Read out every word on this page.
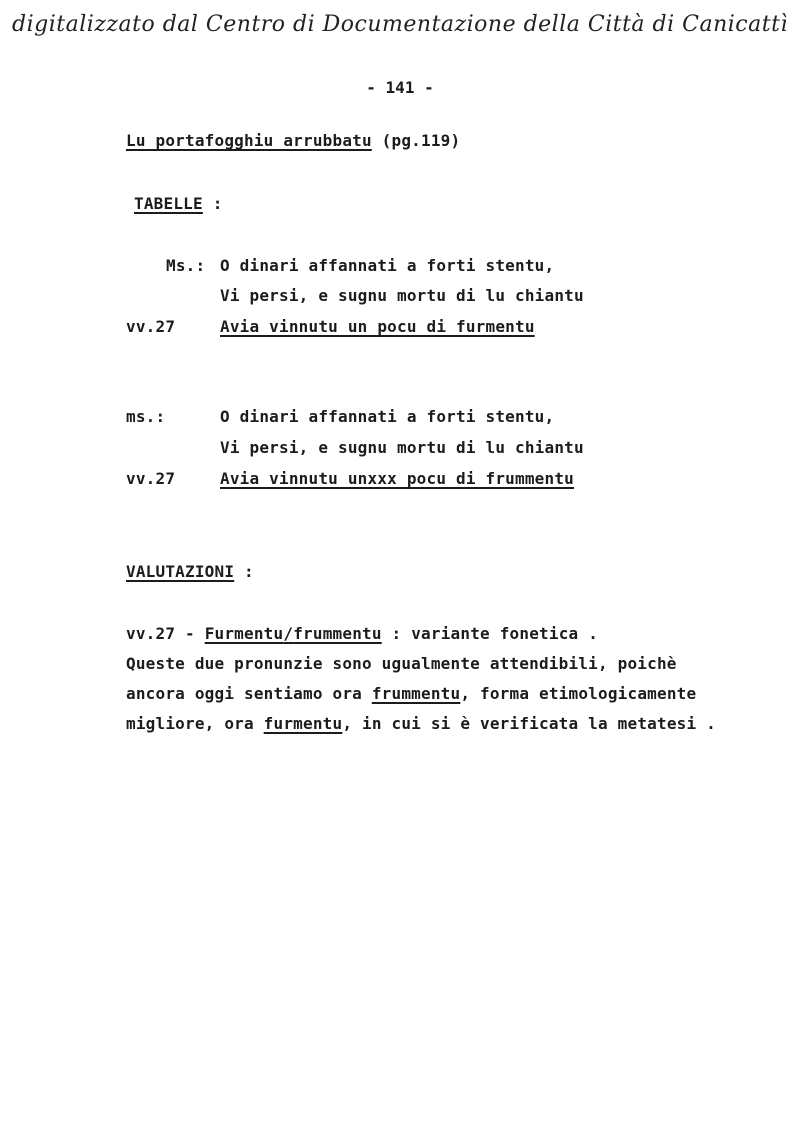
digitalizzato dal Centro di Documentazione della Città di Canicattì
- 141 -
Lu portafogghiu arrubbatu (pg.119)
TABELLE :
Ms.: O dinari affannati a forti stentu,
Vi persi, e sugnu mortu di lu chiantu
vv.27	Avia vinnutu un pocu di furmentu
ms.:	O dinari affannati a forti stentu,
Vi persi, e sugnu mortu di lu chiantu
vv.27	Avia vinnutu unxxx pocu di frummentu
VALUTAZIONI :
vv.27 - Furmentu/frummentu : variante fonetica .
Queste due pronunzie sono ugualmente attendibili, poichè
ancora oggi sentiamo ora frummentu, forma etimologicamente
migliore, ora furmentu, in cui si è verificata la metatesi .
